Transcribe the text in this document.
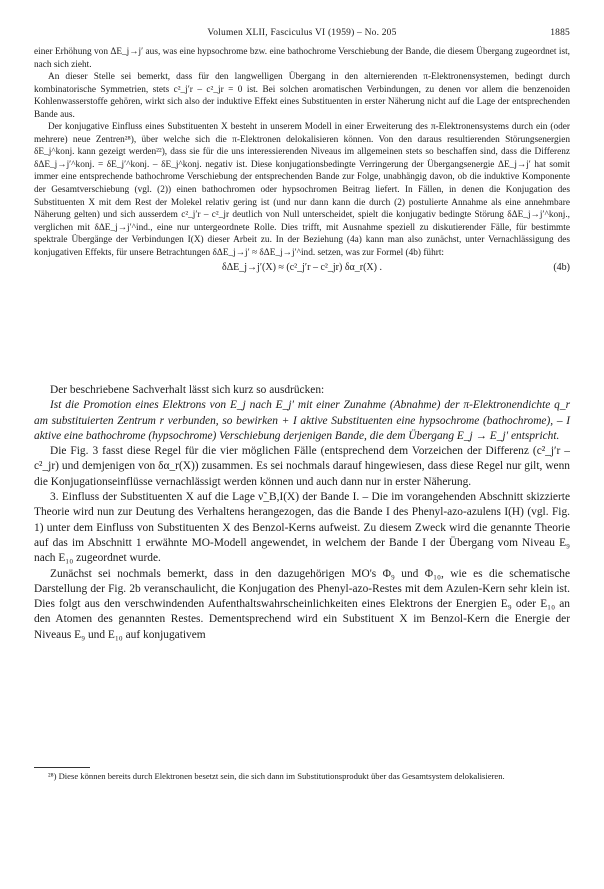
Volumen XLII, Fasciculus VI (1959) – No. 205	1885

einer Erhöhung von ΔE_j→j′ aus, was eine hypsochrome bzw. eine bathochrome Verschiebung der Bande, die diesem Übergang zugeordnet ist, nach sich zieht.

An dieser Stelle sei bemerkt, dass für den langwelligen Übergang in den alternierenden π-Elektronensystemen, bedingt durch kombinatorische Symmetrien, stets c²_j′r – c²_jr = 0 ist. Bei solchen aromatischen Verbindungen, zu denen vor allem die benzenoiden Kohlenwasserstoffe gehören, wirkt sich also der induktive Effekt eines Substituenten in erster Näherung nicht auf die Lage der entsprechenden Bande aus.

Der konjugative Einfluss eines Substituenten X besteht in unserem Modell in einer Erweiterung des π-Elektronensystems durch ein (oder mehrere) neue Zentren²⁸), über welche sich die π-Elektronen delokalisieren können. Von den daraus resultierenden Störungsenergien δE_j^konj. kann gezeigt werden²²), dass sie für die uns interessierenden Niveaus im allgemeinen stets so beschaffen sind, dass die Differenz δΔE_j→j′^konj. = δE_j′^konj. – δE_j^konj. negativ ist. Diese konjugationsbedingte Verringerung der Übergangsenergie ΔE_j→j′ hat somit immer eine entsprechende bathochrome Verschiebung der entsprechenden Bande zur Folge, unabhängig davon, ob die induktive Komponente der Gesamtverschiebung (vgl. (2)) einen bathochromen oder hypsochromen Beitrag liefert. In Fällen, in denen die Konjugation des Substituenten X mit dem Rest der Molekel relativ gering ist (und nur dann kann die durch (2) postulierte Annahme als eine annehmbare Näherung gelten) und sich ausserdem c²_j′r – c²_jr deutlich von Null unterscheidet, spielt die konjugativ bedingte Störung δΔE_j→j′^konj., verglichen mit δΔE_j→j′^ind., eine nur untergeordnete Rolle. Dies trifft, mit Ausnahme speziell zu diskutierender Fälle, für bestimmte spektrale Übergänge der Verbindungen I(X) dieser Arbeit zu. In der Beziehung (4a) kann man also zunächst, unter Vernachlässigung des konjugativen Effekts, für unsere Betrachtungen δΔE_j→j′ ≈ δΔE_j→j′^ind. setzen, was zur Formel (4b) führt:

δΔE_j→j′(X) ≈ (c²_j′r – c²_jr) δα_r(X) .	(4b)

Der beschriebene Sachverhalt lässt sich kurz so ausdrücken:

Ist die Promotion eines Elektrons von E_j nach E_j′ mit einer Zunahme (Abnahme) der π-Elektronendichte q_r am substituierten Zentrum r verbunden, so bewirken + I aktive Substituenten eine hypsochrome (bathochrome), – I aktive eine bathochrome (hypsochrome) Verschiebung derjenigen Bande, die dem Übergang E_j → E_j′ entspricht.

Die Fig. 3 fasst diese Regel für die vier möglichen Fälle (entsprechend dem Vorzeichen der Differenz (c²_j′r – c²_jr) und demjenigen von δα_r(X)) zusammen. Es sei nochmals darauf hingewiesen, dass diese Regel nur gilt, wenn die Konjugationseinflüsse vernachlässigt werden können und auch dann nur in erster Näherung.

3. Einfluss der Substituenten X auf die Lage ν̃_B,I(X) der Bande I. – Die im vorangehenden Abschnitt skizzierte Theorie wird nun zur Deutung des Verhaltens herangezogen, das die Bande I des Phenyl-azo-azulens I(H) (vgl. Fig. 1) unter dem Einfluss von Substituenten X des Benzol-Kerns aufweist. Zu diesem Zweck wird die genannte Theorie auf das im Abschnitt 1 erwähnte MO-Modell angewendet, in welchem der Bande I der Übergang vom Niveau E₉ nach E₁₀ zugeordnet wurde.

Zunächst sei nochmals bemerkt, dass in den dazugehörigen MO's Φ₉ und Φ₁₀, wie es die schematische Darstellung der Fig. 2b veranschaulicht, die Konjugation des Phenyl-azo-Restes mit dem Azulen-Kern sehr klein ist. Dies folgt aus den verschwindenden Aufenthaltswahrscheinlichkeiten eines Elektrons der Energien E₉ oder E₁₀ an den Atomen des genannten Restes. Dementsprechend wird ein Substituent X im Benzol-Kern die Energie der Niveaus E₉ und E₁₀ auf konjugativem

²⁸) Diese können bereits durch Elektronen besetzt sein, die sich dann im Substitutionsprodukt über das Gesamtsystem delokalisieren.
